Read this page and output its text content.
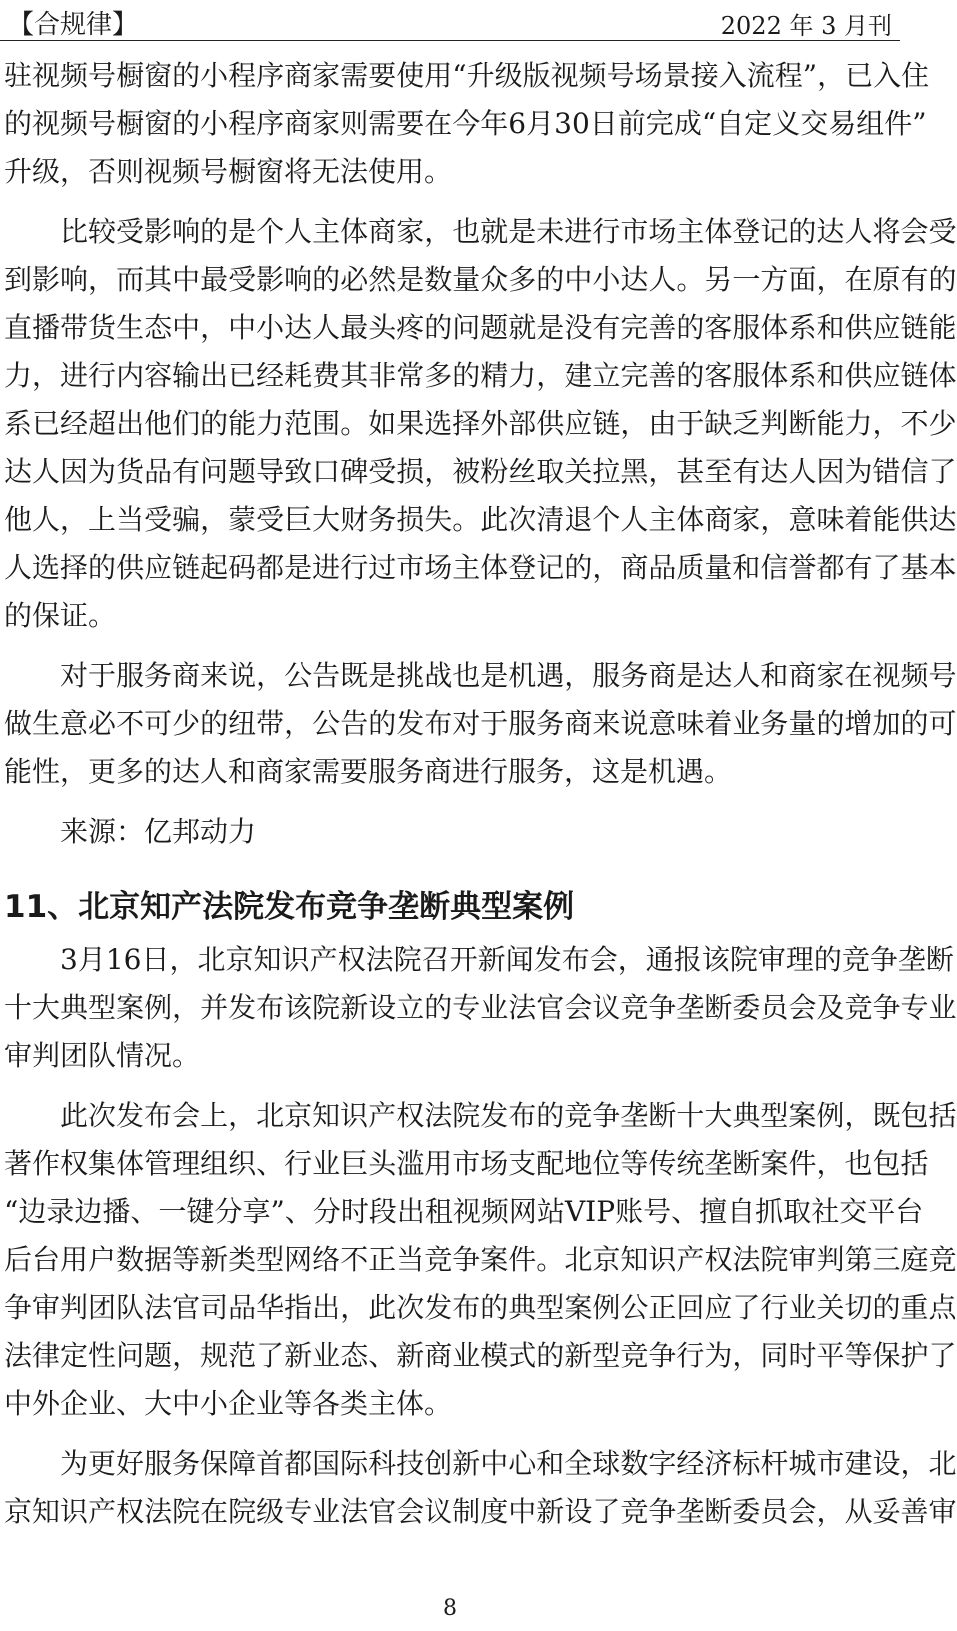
【合规律】	2022 年 3 月刊
驻 视 频 号 橱 窗 的 小 程 序 商 家 需 要 使 用 “ 升 级 版 视 频 号 场 景 接 入 流 程 ” ， 已 入 住
的 视 频 号 橱 窗 的 小 程 序 商 家 则 需 要 在 今 年 6 月 30 日 前 完 成 “ 自 定 义 交 易 组 件 ”
升级，否则视频号橱窗将无法使用。
比 较 受 影 响 的 是 个 人 主 体 商 家 ， 也 就 是 未 进 行 市 场 主 体 登 记 的 达 人 将 会 受
到 影 响 ， 而 其 中 最 受 影 响 的 必 然 是 数 量 众 多 的 中 小 达 人 。 另 一 方 面 ， 在 原 有 的
直 播 带 货 生 态 中 ， 中 小 达 人 最 头 疼 的 问 题 就 是 没 有 完 善 的 客 服 体 系 和 供 应 链 能
力 ， 进 行 内 容 输 出 已 经 耗 费 其 非 常 多 的 精 力 ， 建 立 完 善 的 客 服 体 系 和 供 应 链 体
系 已 经 超 出 他 们 的 能 力 范 围 。 如 果 选 择 外 部 供 应 链 ， 由 于 缺 乏 判 断 能 力 ， 不 少
达 人 因 为 货 品 有 问 题 导 致 口 碑 受 损 ， 被 粉 丝 取 关 拉 黑 ， 甚 至 有 达 人 因 为 错 信 了
他 人 ， 上 当 受 骗 ， 蒙 受 巨 大 财 务 损 失 。 此 次 清 退 个 人 主 体 商 家 ， 意 味 着 能 供 达
人 选 择 的 供 应 链 起 码 都 是 进 行 过 市 场 主 体 登 记 的 ， 商 品 质 量 和 信 誉 都 有 了 基 本
的保证。
对 于 服 务 商 来 说 ， 公 告 既 是 挑 战 也 是 机 遇 ， 服 务 商 是 达 人 和 商 家 在 视 频 号
做 生 意 必 不 可 少 的 纽 带 ， 公 告 的 发 布 对 于 服 务 商 来 说 意 味 着 业 务 量 的 增 加 的 可
能性，更多的达人和商家需要服务商进行服务，这是机遇。
来源：亿邦动力
11、北京知产法院发布竞争垄断典型案例
3 月 16 日 ， 北 京 知 识 产 权 法 院 召 开 新 闻 发 布 会 ， 通 报 该 院 审 理 的 竞 争 垄 断
十 大 典 型 案 例 ， 并 发 布 该 院 新 设 立 的 专 业 法 官 会 议 竞 争 垄 断 委 员 会 及 竞 争 专 业
审判团队情况。
此 次 发 布 会 上 ， 北 京 知 识 产 权 法 院 发 布 的 竞 争 垄 断 十 大 典 型 案 例 ， 既 包 括
著 作 权 集 体 管 理 组 织 、 行 业 巨 头 滥 用 市 场 支 配 地 位 等 传 统 垄 断 案 件 ， 也 包 括
“ 边 录 边 播 、 一 键 分 享 ” 、 分 时 段 出 租 视 频 网 站 VIP 账 号 、 擅 自 抓 取 社 交 平 台
后 台 用 户 数 据 等 新 类 型 网 络 不 正 当 竞 争 案 件 。 北 京 知 识 产 权 法 院 审 判 第 三 庭 竞
争 审 判 团 队 法 官 司 品 华 指 出 ， 此 次 发 布 的 典 型 案 例 公 正 回 应 了 行 业 关 切 的 重 点
法 律 定 性 问 题 ， 规 范 了 新 业 态 、 新 商 业 模 式 的 新 型 竞 争 行 为 ， 同 时 平 等 保 护 了
中外企业、大中小企业等各类主体。
为 更 好 服 务 保 障 首 都 国 际 科 技 创 新 中 心 和 全 球 数 字 经 济 标 杆 城 市 建 设 ， 北
京 知 识 产 权 法 院 在 院 级 专 业 法 官 会 议 制 度 中 新 设 了 竞 争 垄 断 委 员 会 ， 从 妥 善 审
8
